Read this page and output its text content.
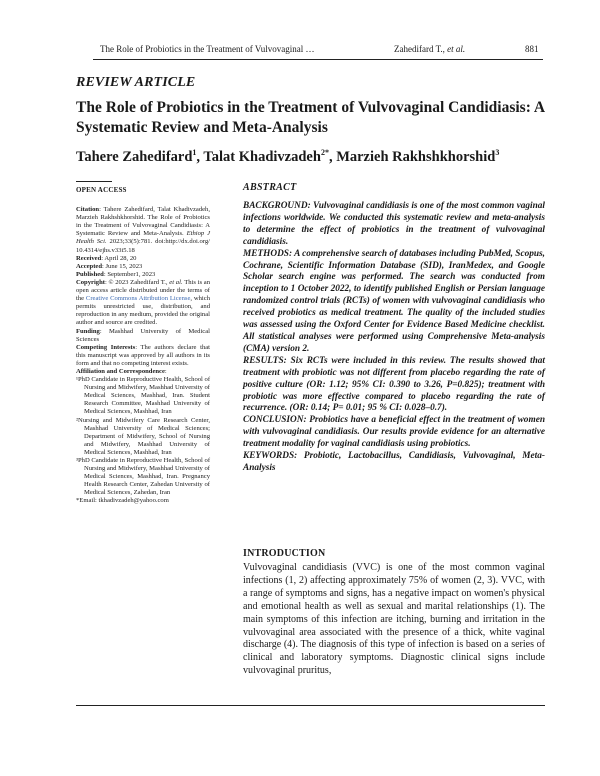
The Role of Probiotics in the Treatment of Vulvovaginal …	Zahedifard T., et al.	881
REVIEW ARTICLE
The Role of Probiotics in the Treatment of Vulvovaginal Candidiasis: A Systematic Review and Meta-Analysis
Tahere Zahedifard$^1$, Talat Khadivzadeh$^{2*}$, Marzieh Rakhshkhorshid$^3$

OPEN ACCESS

Citation: Tahere Zahedifard, Talat Khadivzadeh, Marzieh Rakhshkhorshid. The Role of Probiotics in the Treatment of Vulvovaginal Candidiasis: A Systematic Review and Meta-Analysis. Ethiop J Health Sci. 2023;33(5):781. doi:http://dx.doi.org/ 10.4314/ejhs.v33i5.18

Received: April 28, 20

Accepted: June 15, 2023

Published: September1, 2023

Copyright: © 2023 Zahedifard T., et al. This is an open access article distributed under the terms of the Creative Commons Attribution License, which permits unrestricted use, distribution, and reproduction in any medium, provided the original author and source are credited.

Funding: Mashhad University of Medical Sciences

Competing Interests: The authors declare that this manuscript was approved by all authors in its form and that no competing interest exists.

Affiliation and Correspondence:

¹PhD Candidate in Reproductive Health, School of Nursing and Midwifery, Mashhad University of Medical Sciences, Mashhad, Iran. Student Research Committee, Mashhad University of Medical Sciences, Mashhad, Iran

²Nursing and Midwifery Care Research Center, Mashhad University of Medical Sciences; Department of Midwifery, School of Nursing and Midwifery, Mashhad University of Medical Sciences, Mashhad, Iran

³PhD Candidate in Reproductive Health, School of Nursing and Midwifery, Mashhad University of Medical Sciences, Mashhad, Iran. Pregnancy Health Research Center, Zahedan University of Medical Sciences, Zahedan, Iran

*Email: tkhadivzadeh@yahoo.com

ABSTRACT

BACKGROUND: Vulvovaginal candidiasis is one of the most common vaginal infections worldwide. We conducted this systematic review and meta-analysis to determine the effect of probiotics in the treatment of vulvovaginal candidiasis.

METHODS: A comprehensive search of databases including PubMed, Scopus, Cochrane, Scientific Information Database (SID), IranMedex, and Google Scholar search engine was performed. The search was conducted from inception to 1 October 2022, to identify published English or Persian language randomized control trials (RCTs) of women with vulvovaginal candidiasis who received probiotics as medical treatment. The quality of the included studies was assessed using the Oxford Center for Evidence Based Medicine checklist. All statistical analyses were performed using Comprehensive Meta-analysis (CMA) version 2.

RESULTS: Six RCTs were included in this review. The results showed that treatment with probiotic was not different from placebo regarding the rate of positive culture (OR: 1.12; 95% CI: 0.390 to 3.26, P=0.825); treatment with probiotic was more effective compared to placebo regarding the rate of recurrence. (OR: 0.14; P= 0.01; 95 % CI: 0.028–0.7).

CONCLUSION: Probiotics have a beneficial effect in the treatment of women with vulvovaginal candidiasis. Our results provide evidence for an alternative treatment modality for vaginal candidiasis using probiotics.

KEYWORDS: Probiotic, Lactobacillus, Candidiasis, Vulvovaginal, Meta-Analysis

INTRODUCTION

Vulvovaginal candidiasis (VVC) is one of the most common vaginal infections (1, 2) affecting approximately 75% of women (2, 3). VVC, with a range of symptoms and signs, has a negative impact on women's physical and emotional health as well as sexual and marital relationships (1). The main symptoms of this infection are itching, burning and irritation in the vulvovaginal area associated with the presence of a thick, white vaginal discharge (4). The diagnosis of this type of infection is based on a series of clinical and laboratory symptoms. Diagnostic clinical signs include vulvovaginal pruritus,
